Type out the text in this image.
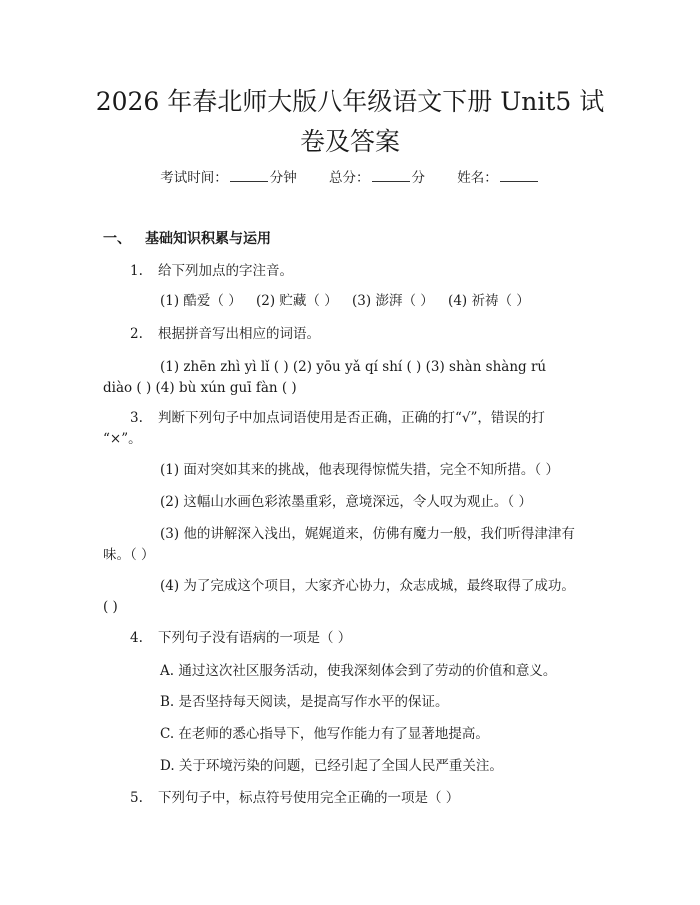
2026 年春北师大版八年级语文下册 Unit5 试
卷及答案
考试时间：	分钟 总分：	分 姓名：
一、 基础知识积累与运用
1. 给下列加点的字注音。
(1) 酷爱（ ） (2) 贮藏（ ） (3) 澎湃（ ） (4) 祈祷（ ）
2. 根据拼音写出相应的词语。
(1) zhēn zhì yì lǐ ( ) (2) yōu yǎ qí shí ( ) (3) shàn shàng rú
diào ( ) (4) bù xún guī fàn ( )
3. 判断下列句子中加点词语使用是否正确，正确的打“√”，错误的打
“×”。
(1) 面对突如其来的挑战，他表现得惊慌失措，完全不知所措。（ ）
(2) 这幅山水画色彩浓墨重彩，意境深远，令人叹为观止。（ ）
(3) 他的讲解深入浅出，娓娓道来，仿佛有魔力一般，我们听得津津有
味。（ ）
(4) 为了完成这个项目，大家齐心协力，众志成城，最终取得了成功。
( )
4. 下列句子没有语病的一项是（ ）
A. 通过这次社区服务活动，使我深刻体会到了劳动的价值和意义。
B. 是否坚持每天阅读，是提高写作水平的保证。
C. 在老师的悉心指导下，他写作能力有了显著地提高。
D. 关于环境污染的问题，已经引起了全国人民严重关注。
5. 下列句子中，标点符号使用完全正确的一项是（ ）
